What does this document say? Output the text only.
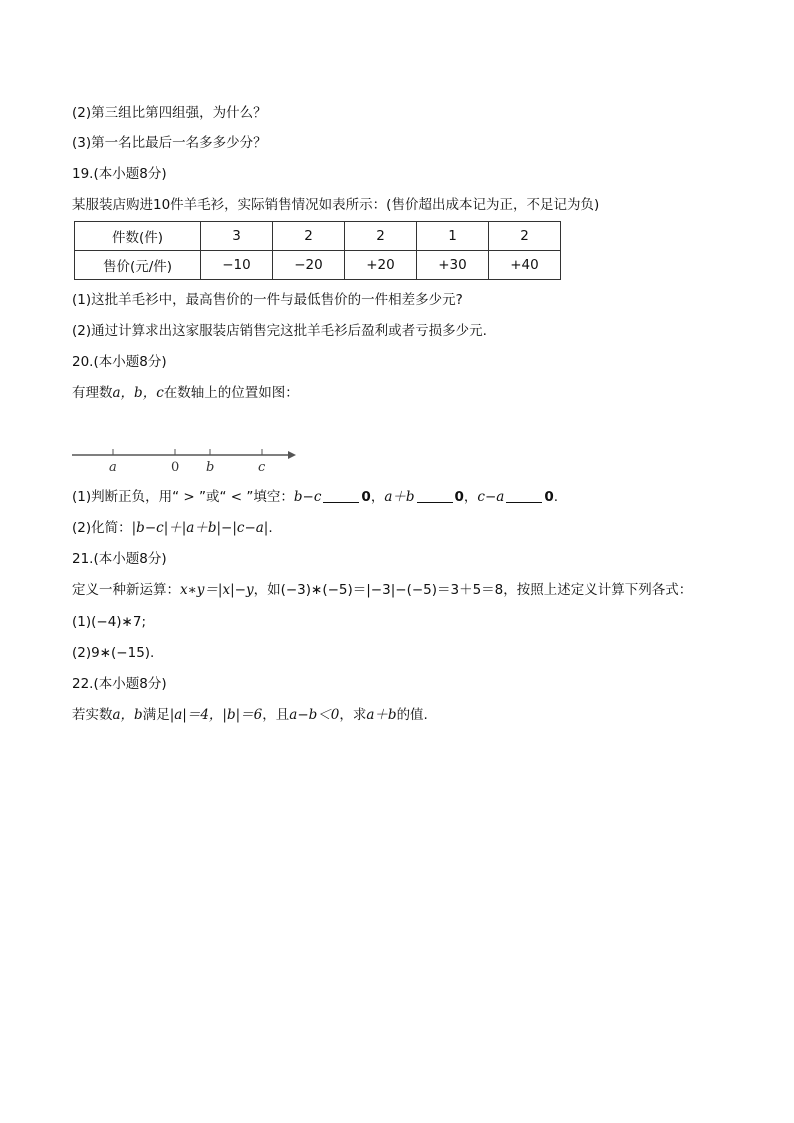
(2)第三组比第四组强，为什么？
(3)第一名比最后一名多多少分？
19.(本小题8分)
某服装店购进10件羊毛衫，实际销售情况如表所示：(售价超出成本记为正，不足记为负)
件数(件)	3	2	2	1	2
售价(元/件)	−10	−20	+20	+30	+40
(1)这批羊毛衫中，最高售价的一件与最低售价的一件相差多少元?
(2)通过计算求出这家服装店销售完这批羊毛衫后盈利或者亏损多少元.
20.(本小题8分)
有理数a，b，c在数轴上的位置如图：
a	0 b	c
(1)判断正负，用“ > ”或“ < ”填空：b−c	0，a＋b	0，c−a	0.
(2)化简：|b−c|＋|a＋b|−|c−a|.
21.(本小题8分)
定义一种新运算：x∗y＝|x|−y，如(−3)∗(−5)＝|−3|−(−5)＝3＋5＝8，按照上述定义计算下列各式：
(1)(−4)∗7;
(2)9∗(−15).
22.(本小题8分)
若实数a，b满足|a|＝4，|b|＝6，且a−b＜0，求a＋b的值.
